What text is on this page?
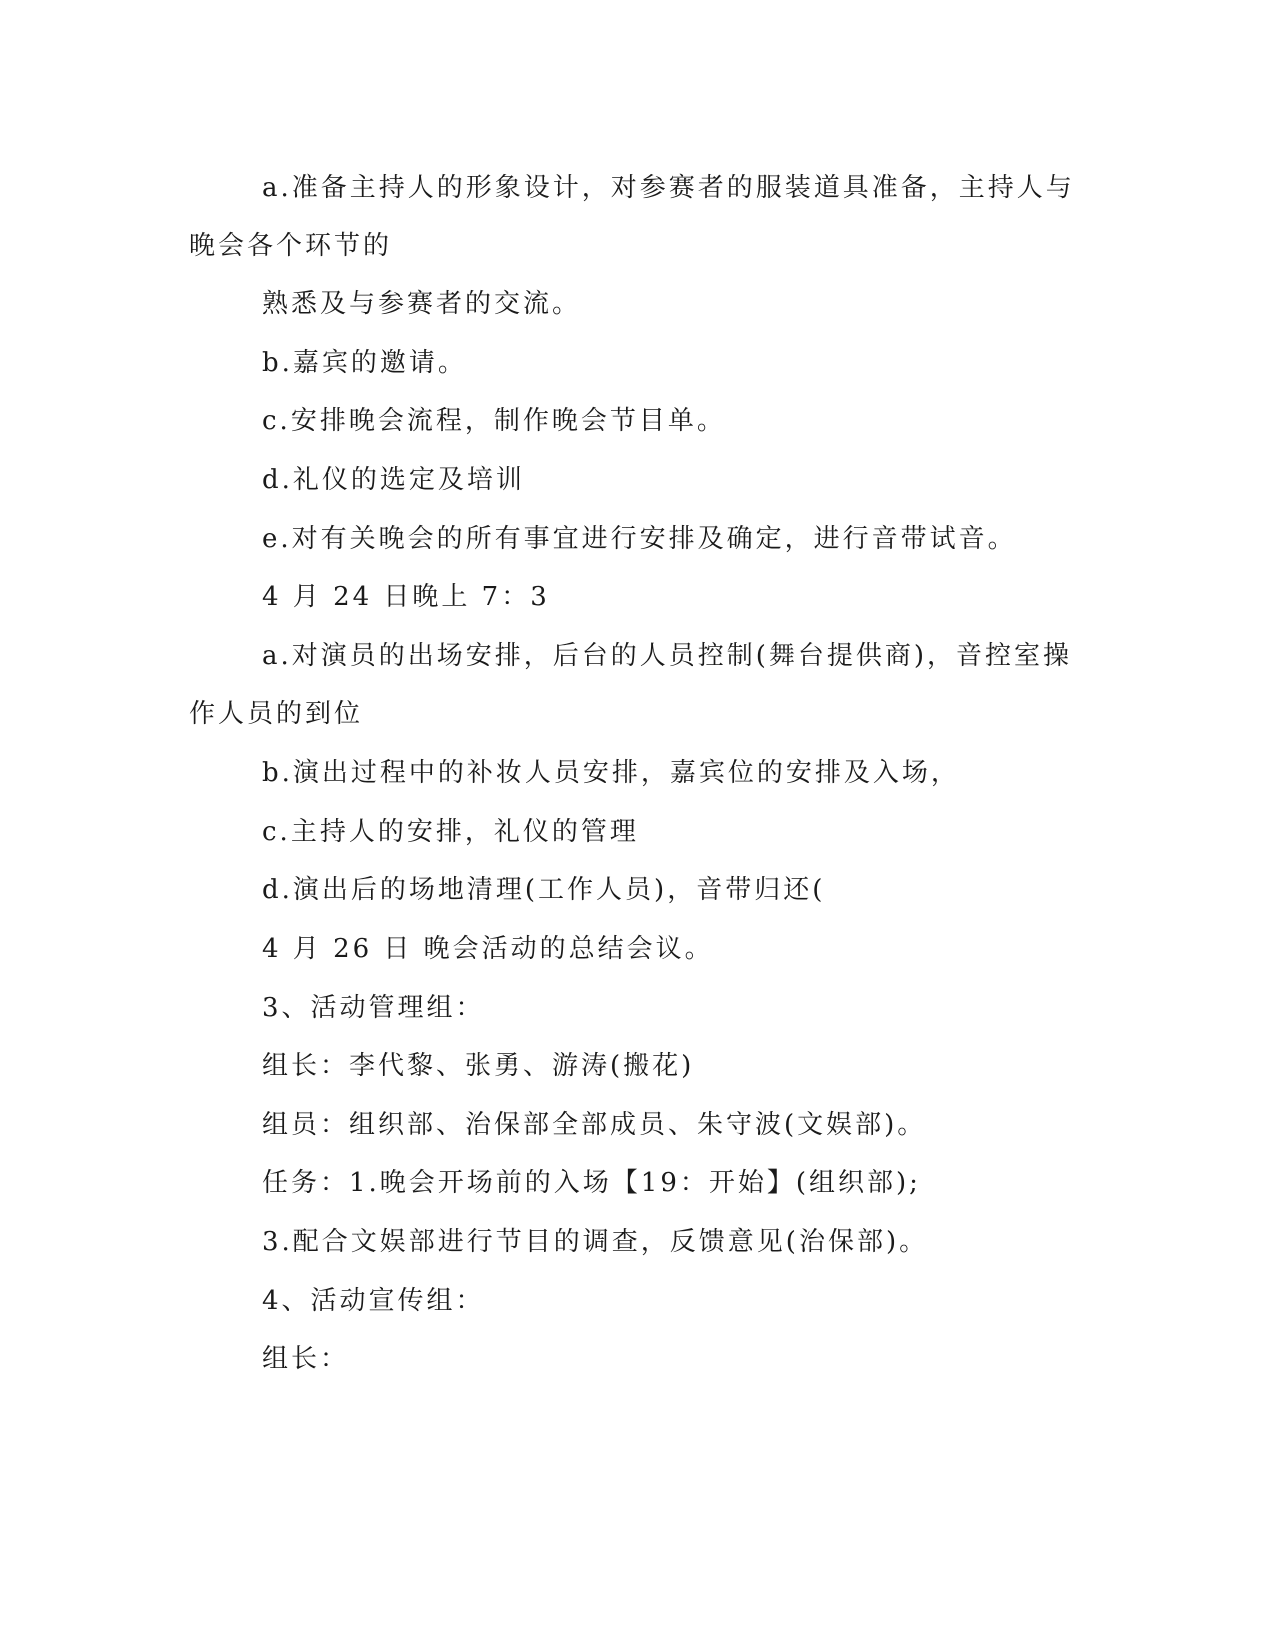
a.准备主持人的形象设计，对参赛者的服装道具准备，主持人与
晚会各个环节的
熟悉及与参赛者的交流。
b.嘉宾的邀请。
c.安排晚会流程，制作晚会节目单。
d.礼仪的选定及培训
e.对有关晚会的所有事宜进行安排及确定，进行音带试音。
4 月 24 日晚上 7：3
a.对演员的出场安排，后台的人员控制(舞台提供商)，音控室操
作人员的到位
b.演出过程中的补妆人员安排，嘉宾位的安排及入场，
c.主持人的安排，礼仪的管理
d.演出后的场地清理(工作人员)，音带归还(
4 月 26 日 晚会活动的总结会议。
3、活动管理组：
组长：李代黎、张勇、游涛(搬花)
组员：组织部、治保部全部成员、朱守波(文娱部)。
任务：1.晚会开场前的入场【19：开始】(组织部);
3.配合文娱部进行节目的调查，反馈意见(治保部)。
4、活动宣传组：
组长：
